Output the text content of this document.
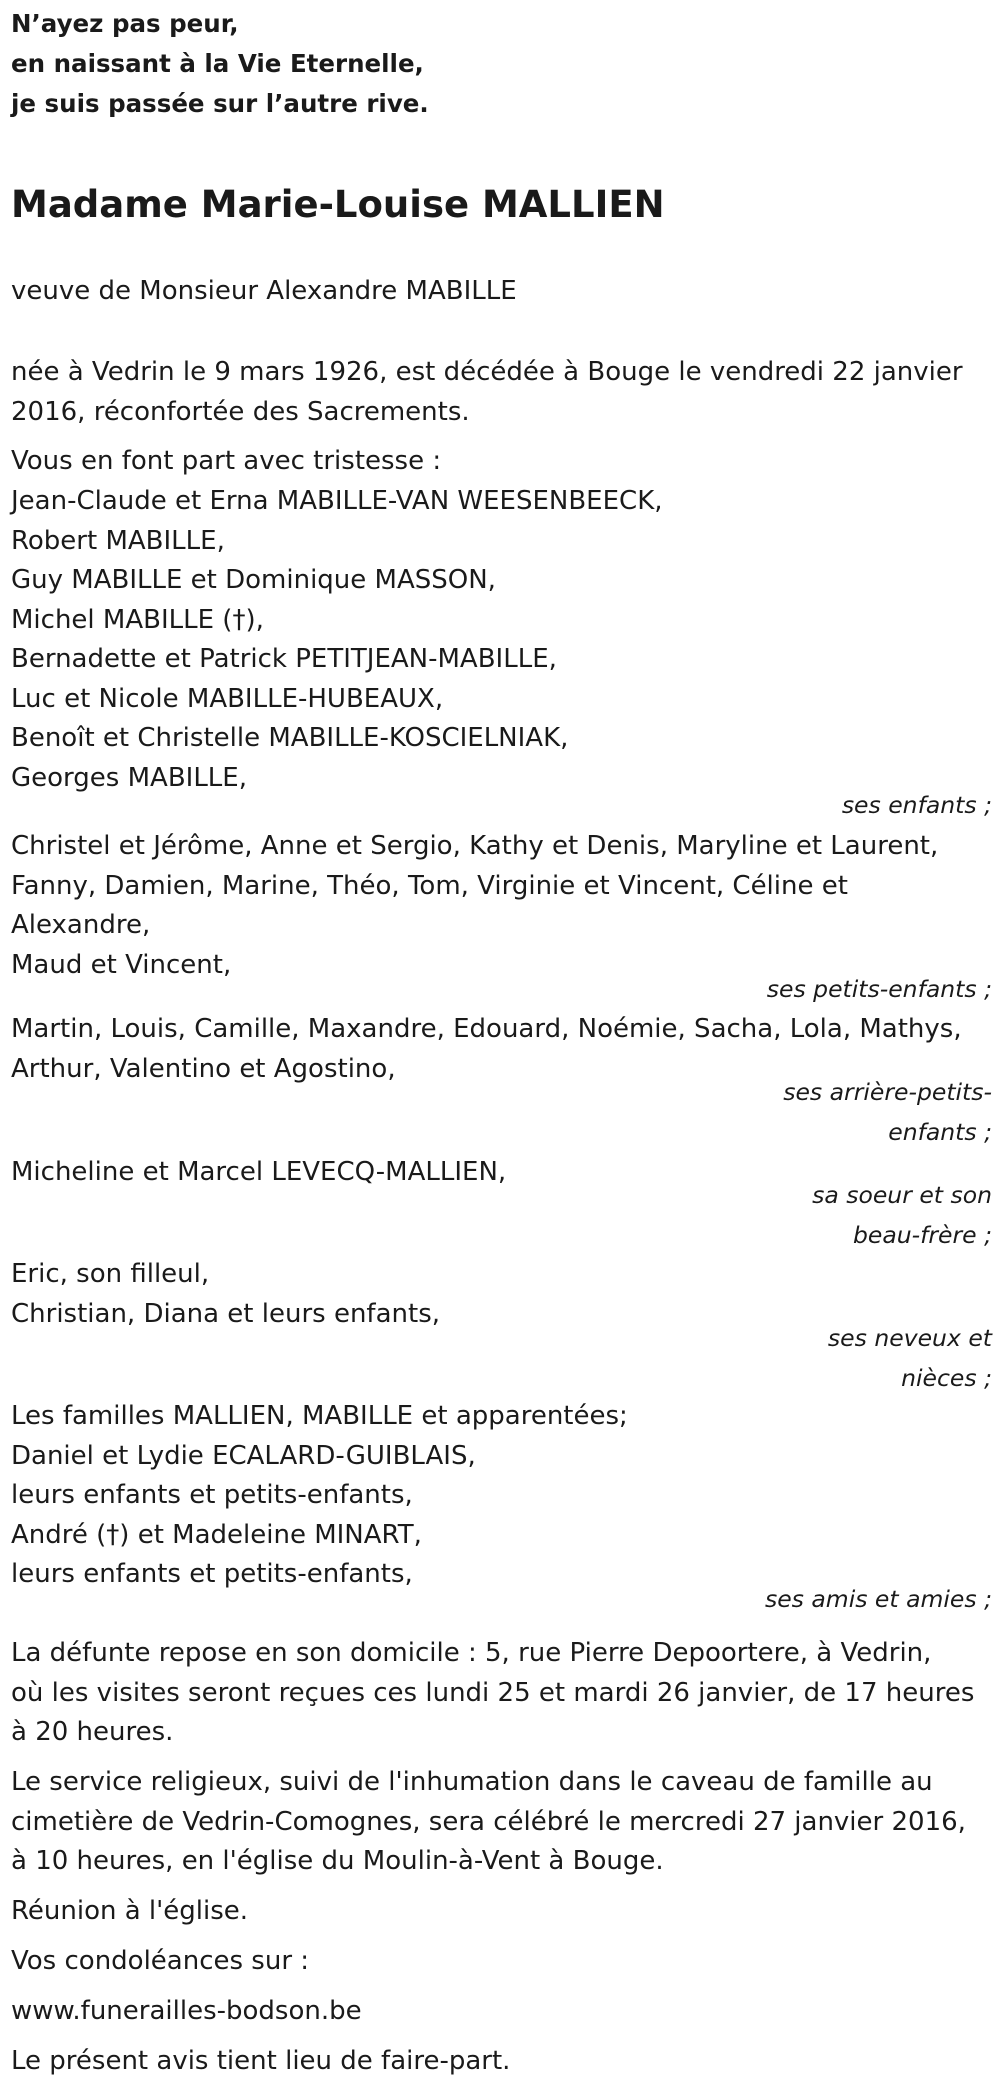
N’ayez pas peur,
en naissant à la Vie Eternelle,
je suis passée sur l’autre rive.
Madame Marie-Louise MALLIEN
veuve de Monsieur Alexandre MABILLE
née à Vedrin le 9 mars 1926, est décédée à Bouge le vendredi 22 janvier
2016, réconfortée des Sacrements.
Vous en font part avec tristesse :
Jean-Claude et Erna MABILLE-VAN WEESENBEECK,
Robert MABILLE,
Guy MABILLE et Dominique MASSON,
Michel MABILLE (†),
Bernadette et Patrick PETITJEAN-MABILLE,
Luc et Nicole MABILLE-HUBEAUX,
Benoît et Christelle MABILLE-KOSCIELNIAK,
Georges MABILLE,
ses enfants ;
Christel et Jérôme, Anne et Sergio, Kathy et Denis, Maryline et Laurent,
Fanny, Damien, Marine, Théo, Tom, Virginie et Vincent, Céline et
Alexandre,
Maud et Vincent,
ses petits-enfants ;
Martin, Louis, Camille, Maxandre, Edouard, Noémie, Sacha, Lola, Mathys,
Arthur, Valentino et Agostino,
ses arrière-petits-
enfants ;
Micheline et Marcel LEVECQ-MALLIEN,
sa soeur et son
beau-frère ;
Eric, son filleul,
Christian, Diana et leurs enfants,
ses neveux et
nièces ;
Les familles MALLIEN, MABILLE et apparentées;
Daniel et Lydie ECALARD-GUIBLAIS,
leurs enfants et petits-enfants,
André (†) et Madeleine MINART,
leurs enfants et petits-enfants,
ses amis et amies ;
La défunte repose en son domicile : 5, rue Pierre Depoortere, à Vedrin,
où les visites seront reçues ces lundi 25 et mardi 26 janvier, de 17 heures
à 20 heures.
Le service religieux, suivi de l'inhumation dans le caveau de famille au
cimetière de Vedrin-Comognes, sera célébré le mercredi 27 janvier 2016,
à 10 heures, en l'église du Moulin-à-Vent à Bouge.
Réunion à l'église.
Vos condoléances sur :
www.funerailles-bodson.be
Le présent avis tient lieu de faire-part.
